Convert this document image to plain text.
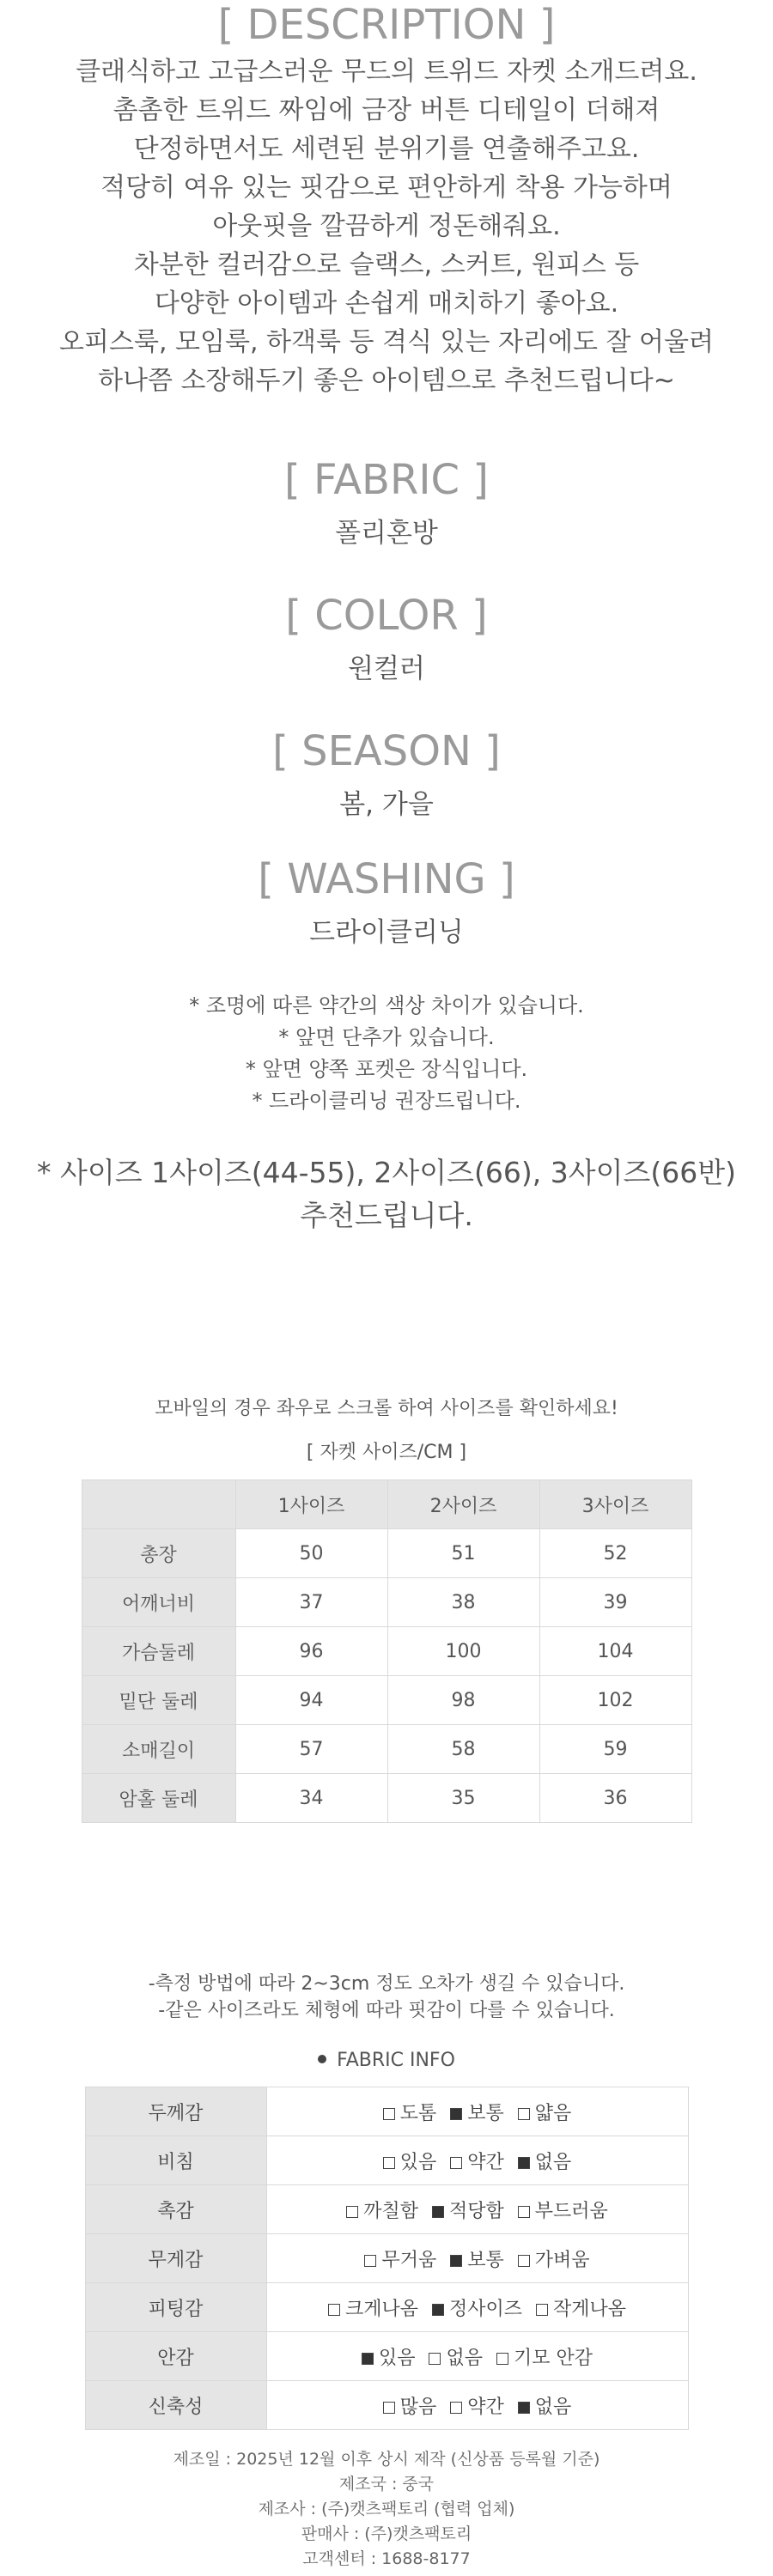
[ DESCRIPTION ]
클래식하고 고급스러운 무드의 트위드 자켓 소개드려요.
촘촘한 트위드 짜임에 금장 버튼 디테일이 더해져
단정하면서도 세련된 분위기를 연출해주고요.
적당히 여유 있는 핏감으로 편안하게 착용 가능하며
아웃핏을 깔끔하게 정돈해줘요.
차분한 컬러감으로 슬랙스, 스커트, 원피스 등
다양한 아이템과 손쉽게 매치하기 좋아요.
오피스룩, 모임룩, 하객룩 등 격식 있는 자리에도 잘 어울려
하나쯤 소장해두기 좋은 아이템으로 추천드립니다~
[ FABRIC ]
폴리혼방
[ COLOR ]
원컬러
[ SEASON ]
봄, 가을
[ WASHING ]
드라이클리닝
* 조명에 따른 약간의 색상 차이가 있습니다.
* 앞면 단추가 있습니다.
* 앞면 양쪽 포켓은 장식입니다.
* 드라이클리닝 권장드립니다.
* 사이즈 1사이즈(44-55), 2사이즈(66), 3사이즈(66반)
추천드립니다.
모바일의 경우 좌우로 스크롤 하여 사이즈를 확인하세요!
[ 자켓 사이즈/CM ]
	1사이즈	2사이즈	3사이즈
총장	50	51	52
어깨너비	37	38	39
가슴둘레	96	100	104
밑단 둘레	94	98	102
소매길이	57	58	59
암홀 둘레	34	35	36
-측정 방법에 따라 2~3cm 정도 오차가 생길 수 있습니다.
-같은 사이즈라도 체형에 따라 핏감이 다를 수 있습니다.
FABRIC INFO
두께감	도톰 보통 얇음
비침	있음 약간 없음
촉감	까칠함 적당함 부드러움
무게감	무거움 보통 가벼움
피팅감	크게나옴 정사이즈 작게나옴
안감	있음 없음 기모 안감
신축성	많음 약간 없음
제조일 : 2025년 12월 이후 상시 제작 (신상품 등록월 기준)
제조국 : 중국
제조사 : (주)캣츠팩토리 (협력 업체)
판매사 : (주)캣츠팩토리
고객센터 : 1688-8177
